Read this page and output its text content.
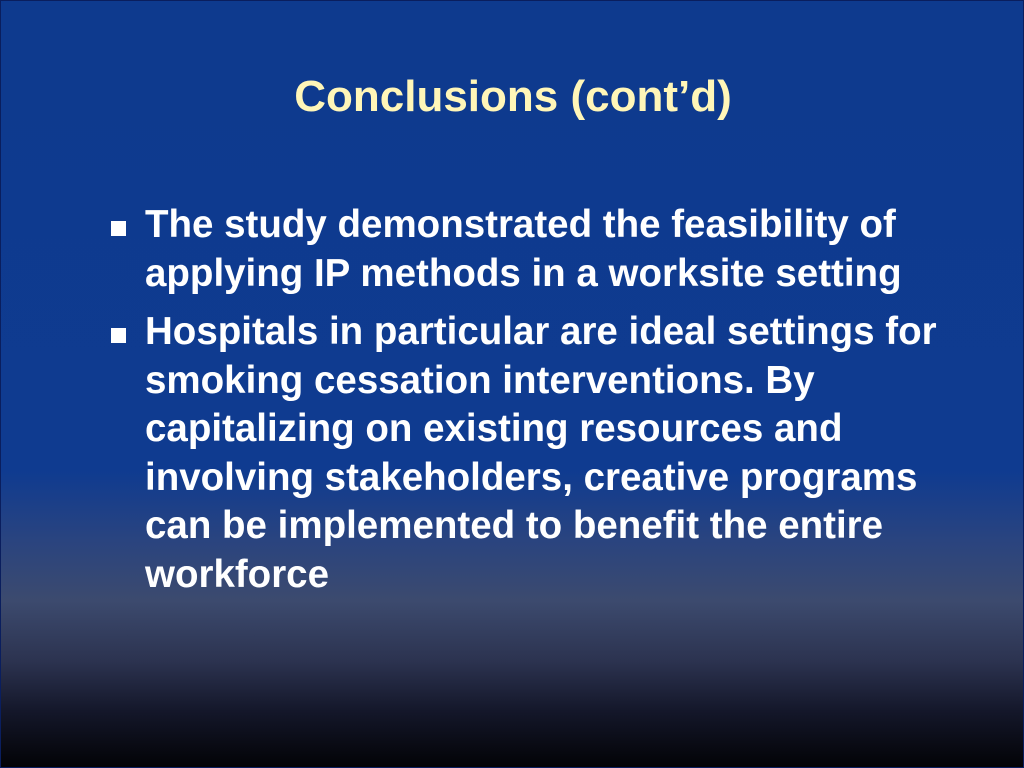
Conclusions (cont’d)
The study demonstrated the feasibility of applying IP methods in a worksite setting
Hospitals in particular are ideal settings for smoking cessation interventions. By capitalizing on existing resources and involving stakeholders, creative programs can be implemented to benefit the entire workforce
